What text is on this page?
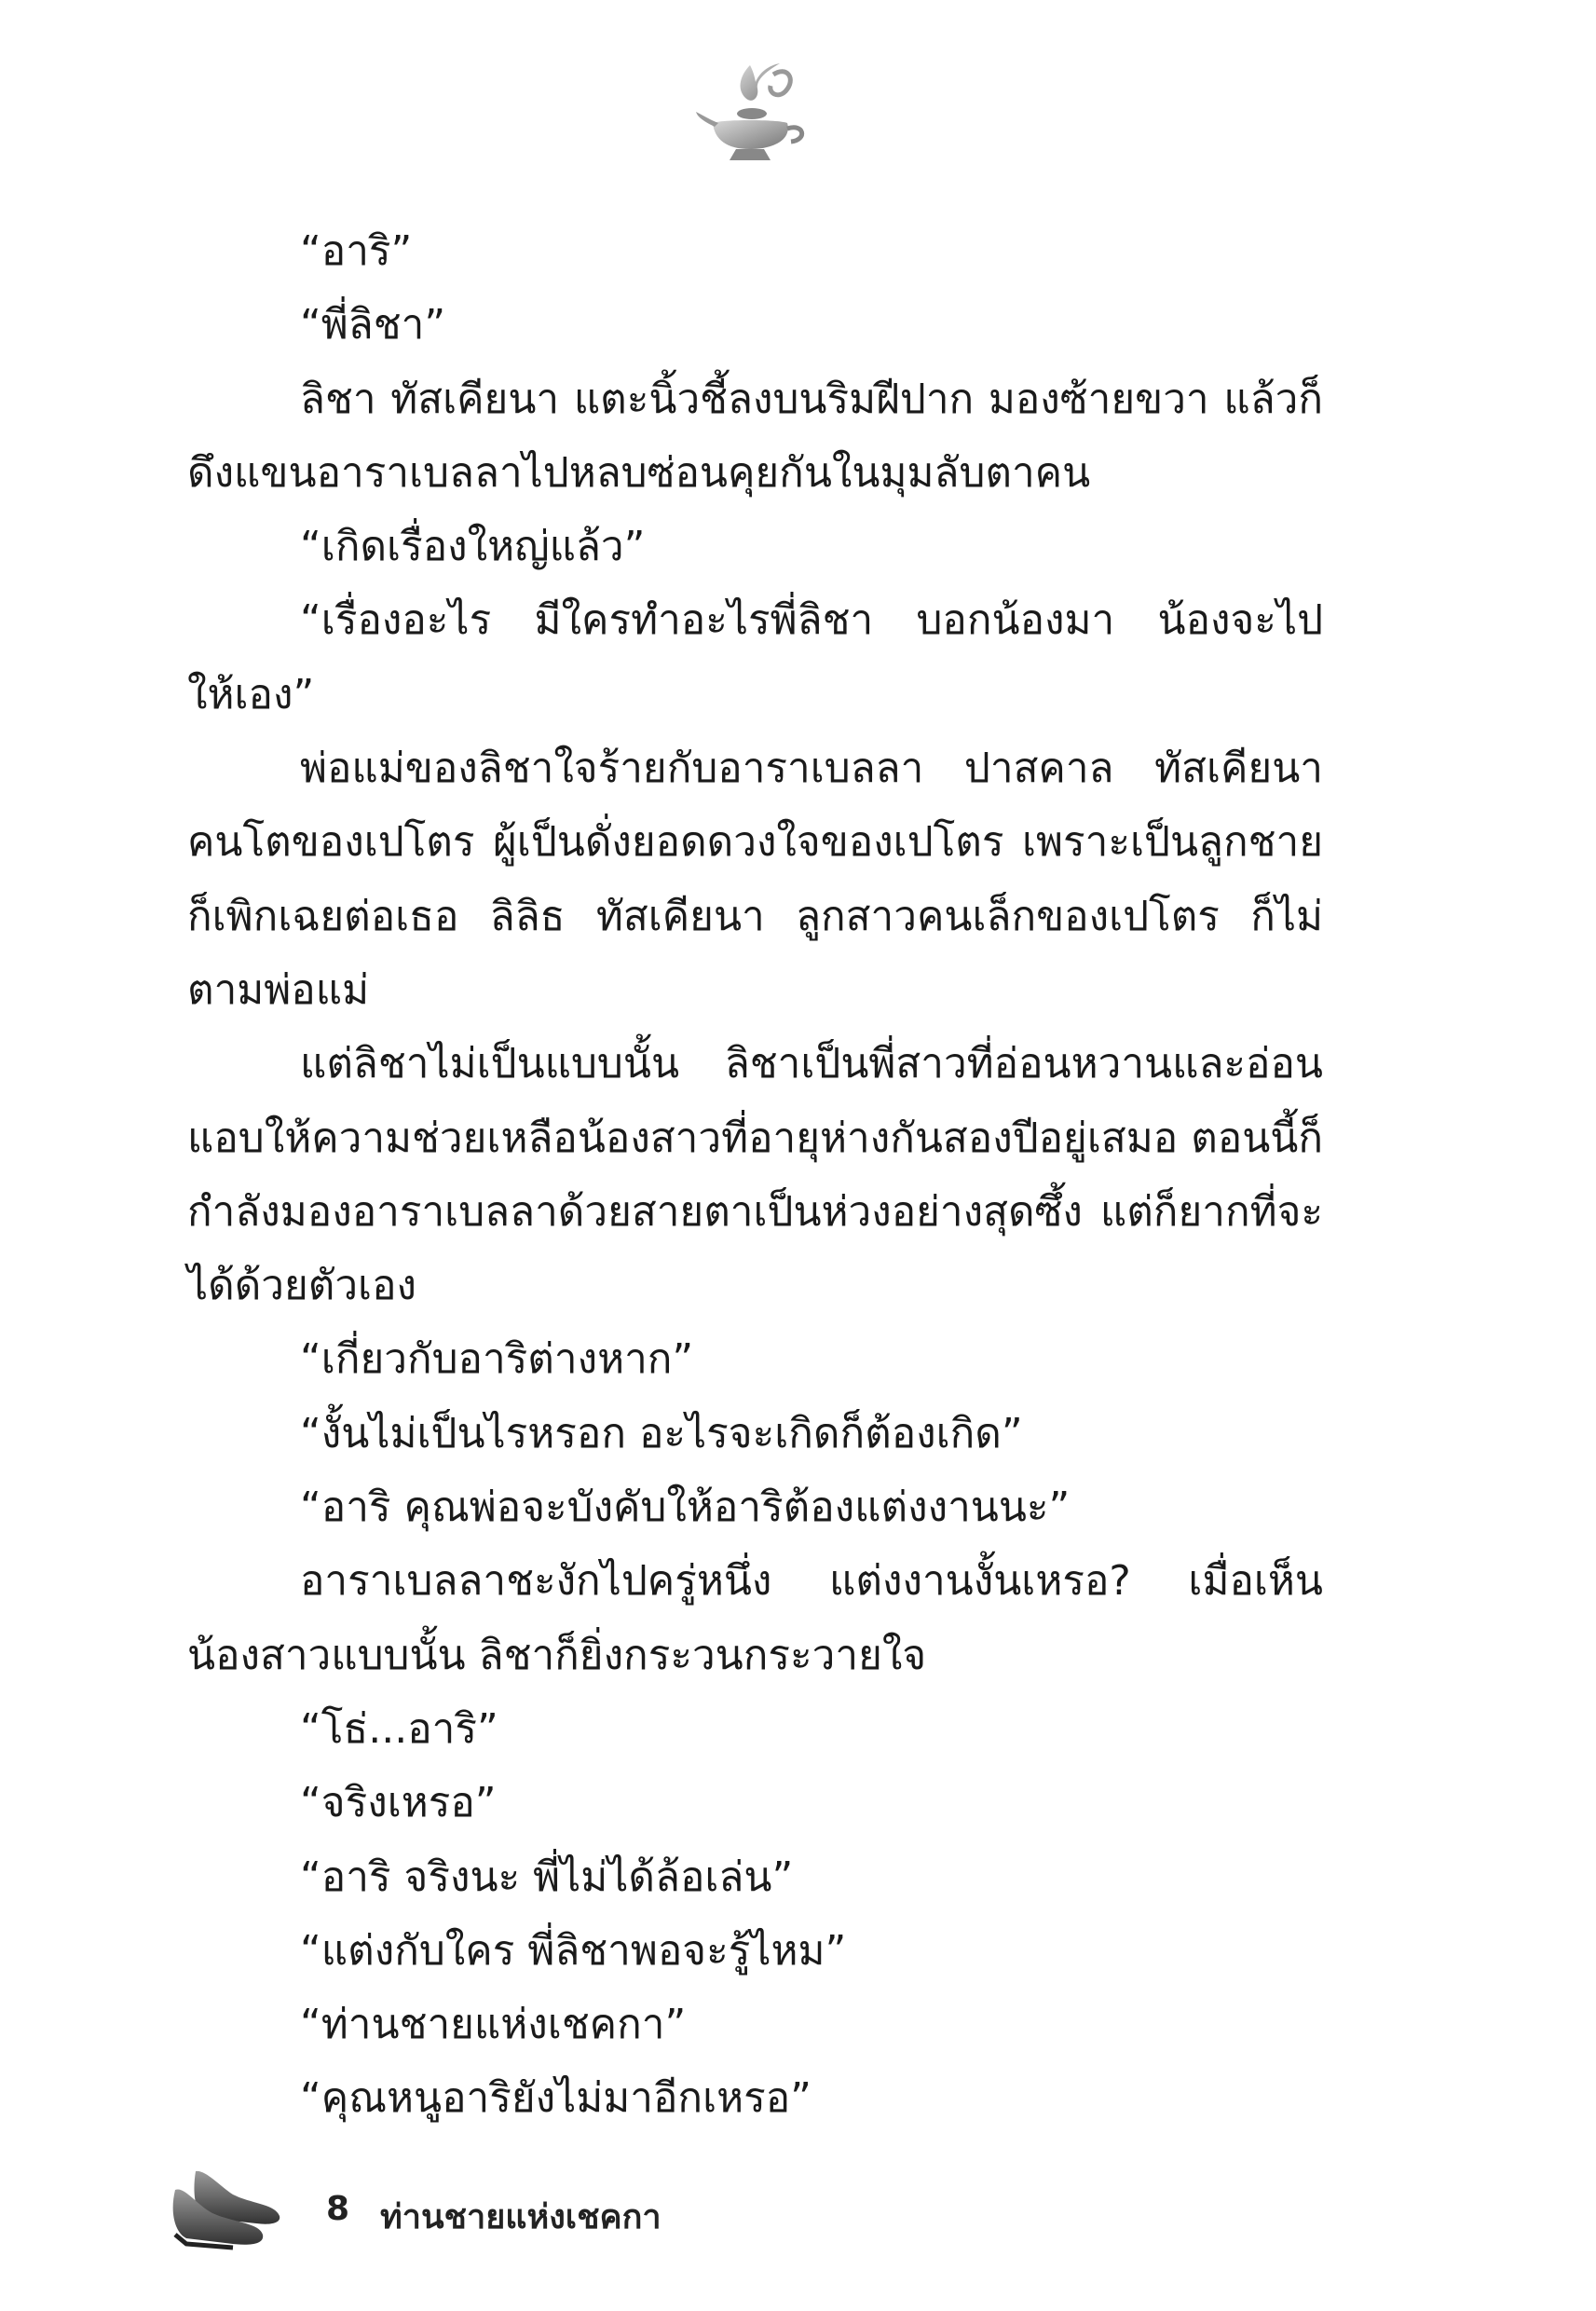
“อาริ”
“พี่ลิชา”
ลิชา ทัสเคียนา แตะนิ้วชี้ลงบนริมฝีปาก มองซ้ายขวา แล้วก็
ดึงแขนอาราเบลลาไปหลบซ่อนคุยกันในมุมลับตาคน
“เกิดเรื่องใหญ่แล้ว”
“เรื่องอะไร มีใครทำอะไรพี่ลิชา บอกน้องมา น้องจะไป
ให้เอง”
พ่อแม่ของลิชาใจร้ายกับอาราเบลลา ปาสคาล ทัสเคียนา
คนโตของเปโตร ผู้เป็นดั่งยอดดวงใจของเปโตร เพราะเป็นลูกชาย
ก็เพิกเฉยต่อเธอ ลิลิธ ทัสเคียนา ลูกสาวคนเล็กของเปโตร ก็ไม่
ตามพ่อแม่
แต่ลิชาไม่เป็นแบบนั้น ลิชาเป็นพี่สาวที่อ่อนหวานและอ่อน
แอบให้ความช่วยเหลือน้องสาวที่อายุห่างกันสองปีอยู่เสมอ ตอนนี้ก็
กำลังมองอาราเบลลาด้วยสายตาเป็นห่วงอย่างสุดซึ้ง แต่ก็ยากที่จะ
ได้ด้วยตัวเอง
“เกี่ยวกับอาริต่างหาก”
“งั้นไม่เป็นไรหรอก อะไรจะเกิดก็ต้องเกิด”
“อาริ คุณพ่อจะบังคับให้อาริต้องแต่งงานนะ”
อาราเบลลาชะงักไปครู่หนึ่ง แต่งงานงั้นเหรอ? เมื่อเห็น
น้องสาวแบบนั้น ลิชาก็ยิ่งกระวนกระวายใจ
“โธ่...อาริ”
“จริงเหรอ”
“อาริ จริงนะ พี่ไม่ได้ล้อเล่น”
“แต่งกับใคร พี่ลิชาพอจะรู้ไหม”
“ท่านชายแห่งเชคกา”
“คุณหนูอาริยังไม่มาอีกเหรอ”
8 ท่านชายแห่งเชคกา
